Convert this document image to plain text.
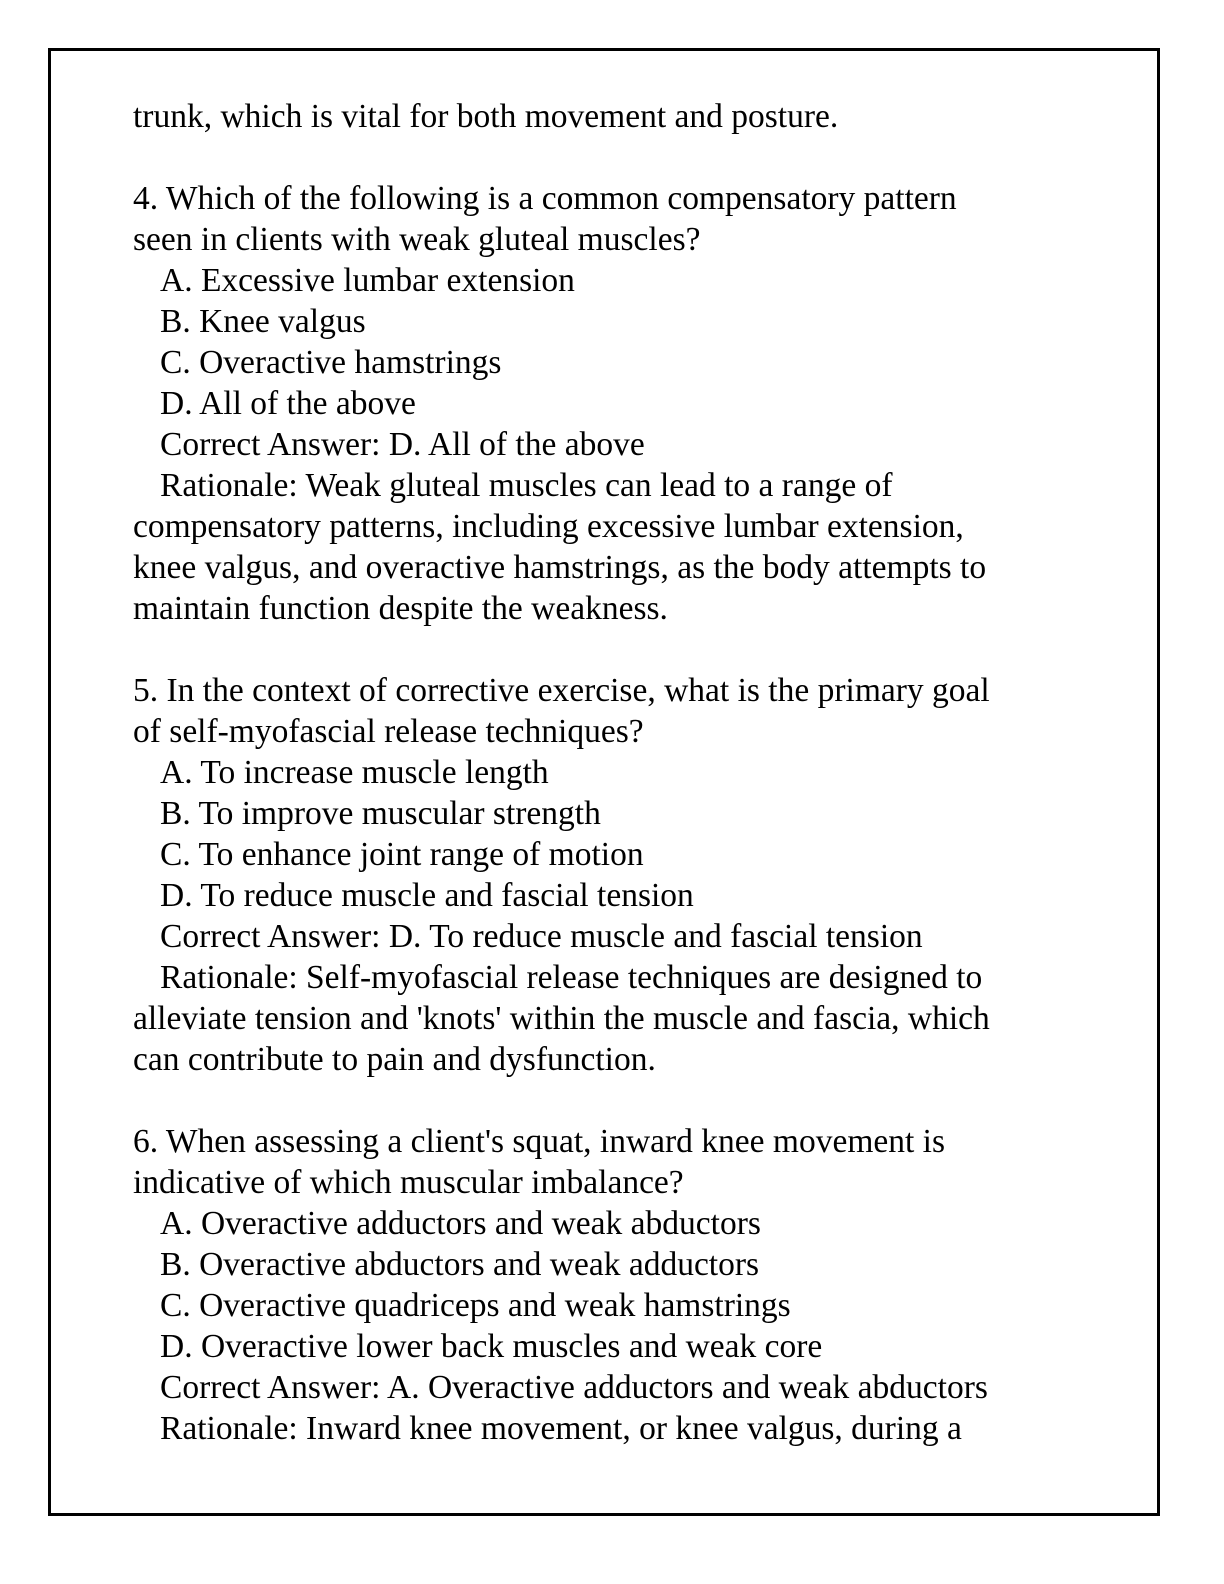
trunk, which is vital for both movement and posture.
4. Which of the following is a common compensatory pattern
seen in clients with weak gluteal muscles?
A. Excessive lumbar extension
B. Knee valgus
C. Overactive hamstrings
D. All of the above
Correct Answer: D. All of the above
Rationale: Weak gluteal muscles can lead to a range of
compensatory patterns, including excessive lumbar extension,
knee valgus, and overactive hamstrings, as the body attempts to
maintain function despite the weakness.
5. In the context of corrective exercise, what is the primary goal
of self-myofascial release techniques?
A. To increase muscle length
B. To improve muscular strength
C. To enhance joint range of motion
D. To reduce muscle and fascial tension
Correct Answer: D. To reduce muscle and fascial tension
Rationale: Self-myofascial release techniques are designed to
alleviate tension and 'knots' within the muscle and fascia, which
can contribute to pain and dysfunction.
6. When assessing a client's squat, inward knee movement is
indicative of which muscular imbalance?
A. Overactive adductors and weak abductors
B. Overactive abductors and weak adductors
C. Overactive quadriceps and weak hamstrings
D. Overactive lower back muscles and weak core
Correct Answer: A. Overactive adductors and weak abductors
Rationale: Inward knee movement, or knee valgus, during a
